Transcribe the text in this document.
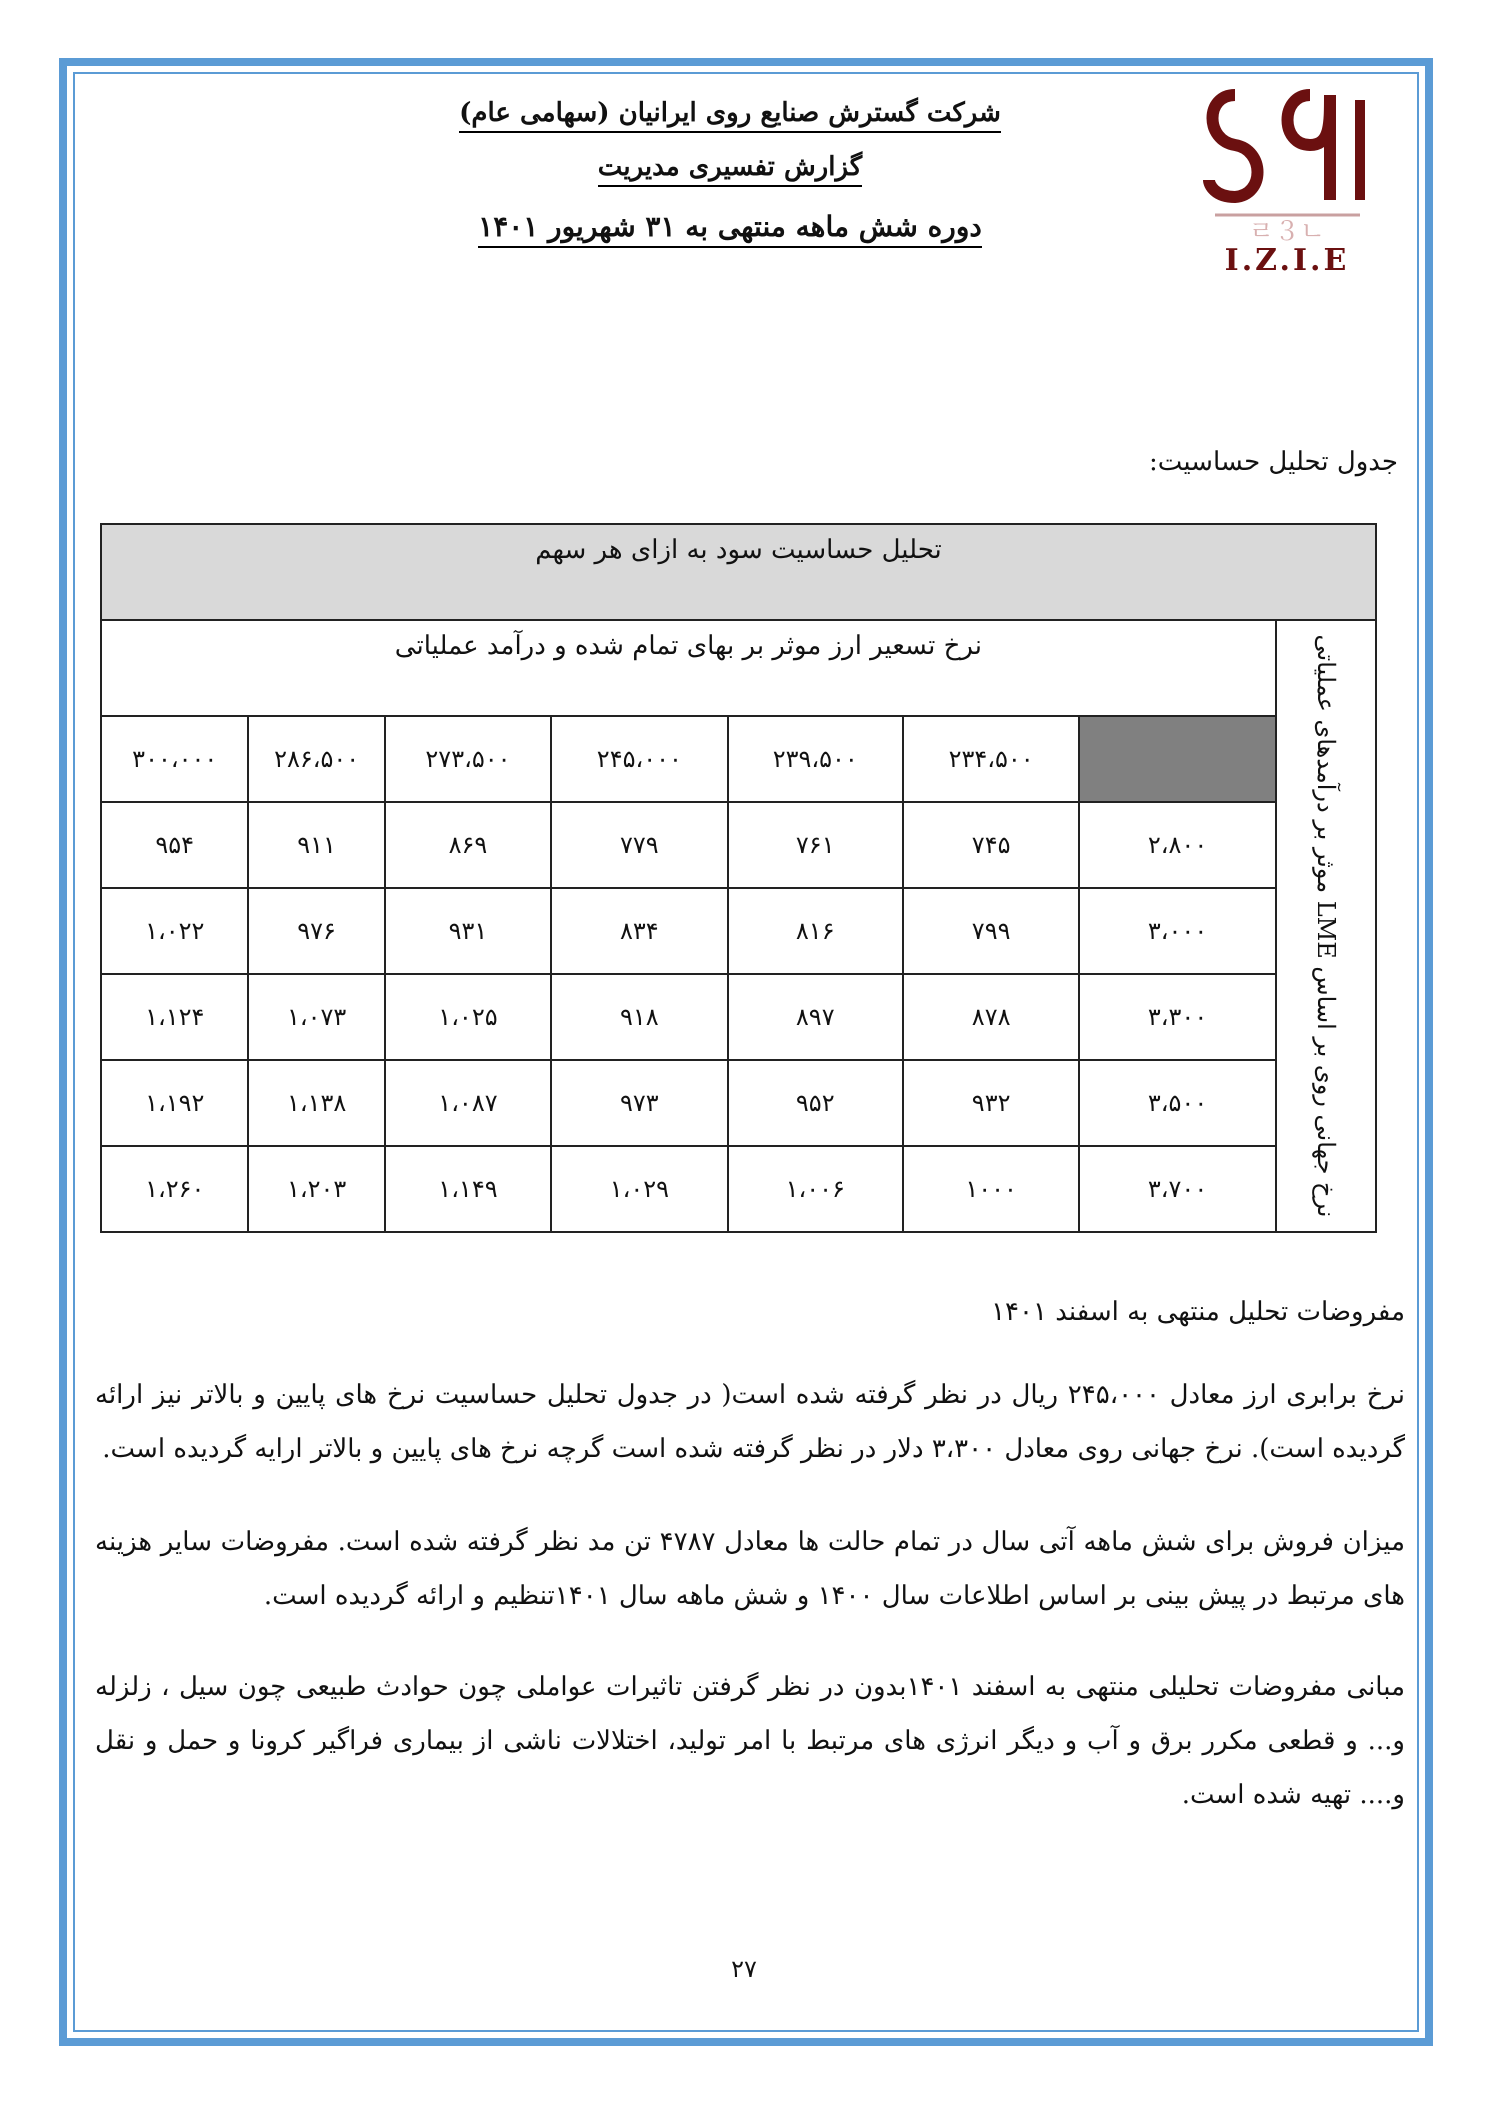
شرکت گسترش صنایع روی ایرانیان (سهامی عام)
گزارش تفسیری مدیریت
دوره شش ماهه منتهی به ۳۱ شهریور ۱۴۰۱	ㄹ３ㄴ
I.Z.I.E
جدول تحلیل حساسیت:
تحلیل حساسیت سود به ازای هر سهم							

نرخ جهانی روی بر اساس LME موثر بر درآمدهای عملیاتی	نرخ تسعیر ارز موثر بر بهای تمام شده و درآمد عملیاتی						
		۲۳۴،۵۰۰	۲۳۹،۵۰۰	۲۴۵،۰۰۰	۲۷۳،۵۰۰	۲۸۶،۵۰۰	۳۰۰،۰۰۰
	۲،۸۰۰	۷۴۵	۷۶۱	۷۷۹	۸۶۹	۹۱۱	۹۵۴
	۳،۰۰۰	۷۹۹	۸۱۶	۸۳۴	۹۳۱	۹۷۶	۱،۰۲۲
	۳،۳۰۰	۸۷۸	۸۹۷	۹۱۸	۱،۰۲۵	۱،۰۷۳	۱،۱۲۴
	۳،۵۰۰	۹۳۲	۹۵۲	۹۷۳	۱،۰۸۷	۱،۱۳۸	۱،۱۹۲
	۳،۷۰۰	۱۰۰۰	۱،۰۰۶	۱،۰۲۹	۱،۱۴۹	۱،۲۰۳	۱،۲۶۰
مفروضات تحلیل منتهی به اسفند ۱۴۰۱
نرخ برابری ارز معادل ۲۴۵،۰۰۰ ریال در نظر گرفته شده است( در جدول تحلیل حساسیت نرخ های پایین و بالاتر نیز ارائه گردیده است). نرخ جهانی روی معادل ۳،۳۰۰ دلار در نظر گرفته شده است گرچه نرخ های پایین و بالاتر ارایه گردیده است.
میزان فروش برای شش ماهه آتی سال در تمام حالت ها معادل ۴۷۸۷ تن مد نظر گرفته شده است. مفروضات سایر هزینه های مرتبط در پیش بینی بر اساس اطلاعات سال ۱۴۰۰ و شش ماهه سال ۱۴۰۱تنظیم و ارائه گردیده است.
مبانی مفروضات تحلیلی منتهی به اسفند ۱۴۰۱بدون در نظر گرفتن تاثیرات عواملی چون حوادث طبیعی چون سیل ، زلزله و... و قطعی مکرر برق و آب و دیگر انرژی های مرتبط با امر تولید، اختلالات ناشی از بیماری فراگیر کرونا و حمل و نقل و.... تهیه شده است.
۲۷
